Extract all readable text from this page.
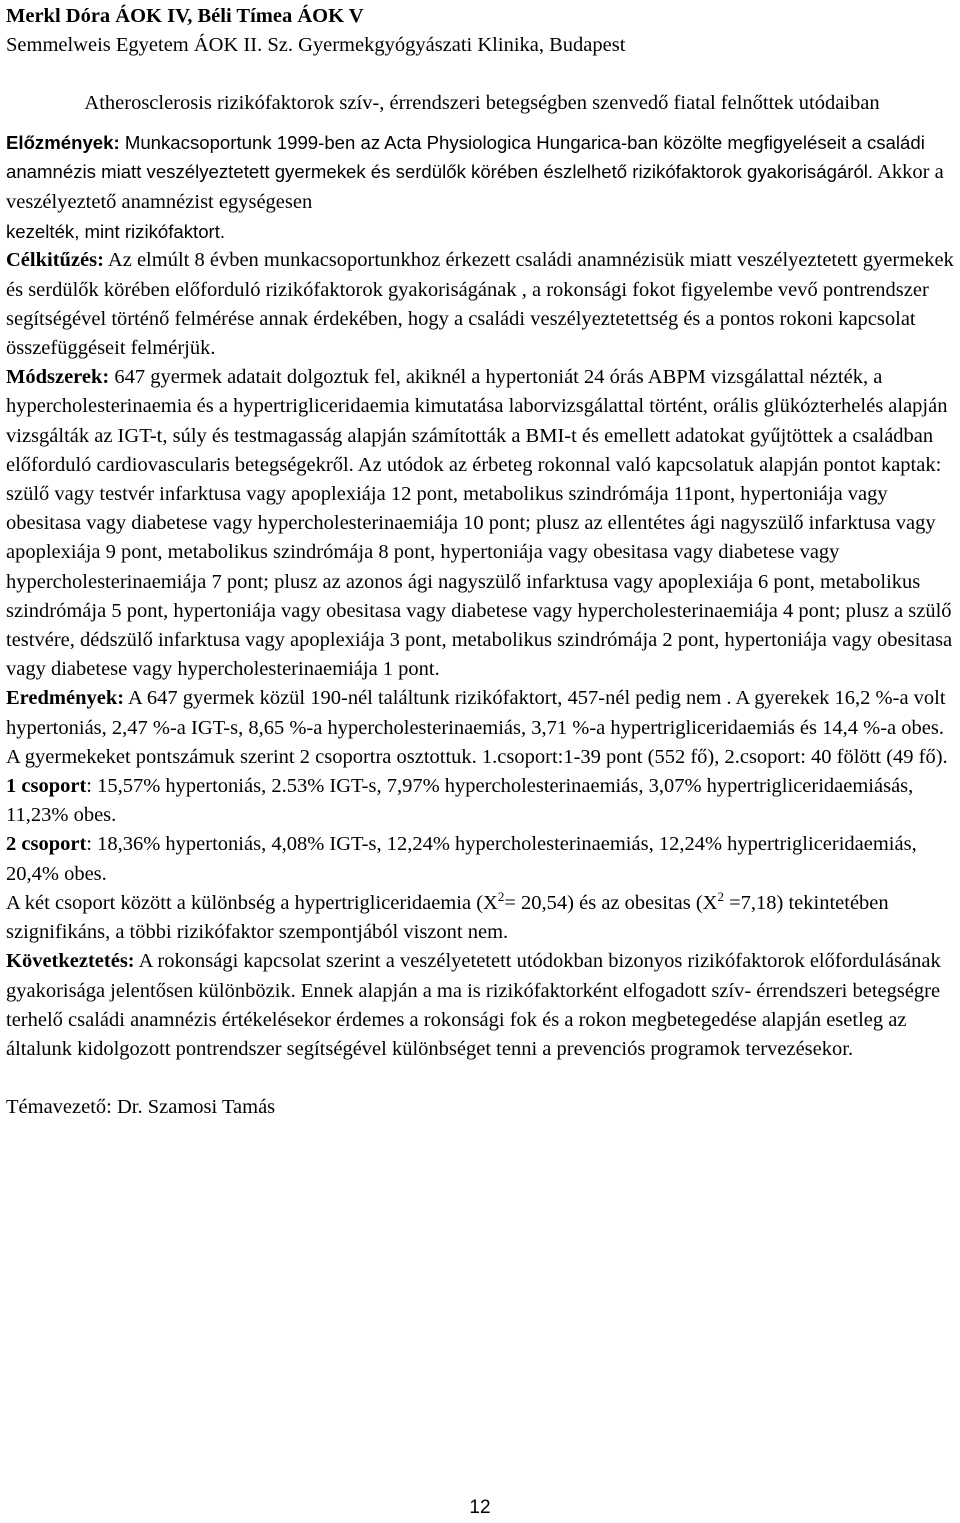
Merkl Dóra ÁOK IV, Béli Tímea ÁOK V

Semmelweis Egyetem ÁOK II. Sz. Gyermekgyógyászati Klinika, Budapest

Atherosclerosis rizikófaktorok szív-, érrendszeri betegségben szenvedő fiatal felnőttek utódaiban

Előzmények: Munkacsoportunk 1999-ben az Acta Physiologica Hungarica-ban közölte megfigyeléseit a családi anamnézis miatt veszélyeztetett gyermekek és serdülők körében észlelhető rizikófaktorok gyakoriságáról. Akkor a veszélyeztető anamnézist egységesen
kezelték, mint rizikófaktort.

Célkitűzés: Az elmúlt 8 évben munkacsoportunkhoz érkezett családi anamnézisük miatt veszélyeztetett gyermekek és serdülők körében előforduló rizikófaktorok gyakoriságának , a rokonsági fokot figyelembe vevő pontrendszer segítségével történő felmérése annak érdekében, hogy a családi veszélyeztetettség és a pontos rokoni kapcsolat összefüggéseit felmérjük.

Módszerek: 647 gyermek adatait dolgoztuk fel, akiknél a hypertoniát 24 órás ABPM vizsgálattal nézték, a hypercholesterinaemia és a hypertrigliceridaemia kimutatása laborvizsgálattal történt, orális glükózterhelés alapján vizsgálták az IGT-t, súly és testmagasság alapján számították a BMI-t és emellett adatokat gyűjtöttek a családban előforduló cardiovascularis betegségekről. Az utódok az érbeteg rokonnal való kapcsolatuk alapján pontot kaptak: szülő vagy testvér infarktusa vagy apoplexiája 12 pont, metabolikus szindrómája 11pont, hypertoniája vagy obesitasa vagy diabetese vagy hypercholesterinaemiája 10 pont; plusz az ellentétes ági nagyszülő infarktusa vagy apoplexiája 9 pont, metabolikus szindrómája 8 pont, hypertoniája vagy obesitasa vagy diabetese vagy hypercholesterinaemiája 7 pont; plusz az azonos ági nagyszülő infarktusa vagy apoplexiája 6 pont, metabolikus szindrómája 5 pont, hypertoniája vagy obesitasa vagy diabetese vagy hypercholesterinaemiája 4 pont; plusz a szülő testvére, dédszülő infarktusa vagy apoplexiája 3 pont, metabolikus szindrómája 2 pont, hypertoniája vagy obesitasa vagy diabetese vagy hypercholesterinaemiája 1 pont.

Eredmények: A 647 gyermek közül 190-nél találtunk rizikófaktort, 457-nél pedig nem . A gyerekek 16,2 %-a volt hypertoniás, 2,47 %-a IGT-s, 8,65 %-a hypercholesterinaemiás, 3,71 %-a hypertrigliceridaemiás és 14,4 %-a obes.

A gyermekeket pontszámuk szerint 2 csoportra osztottuk. 1.csoport:1-39 pont (552 fő), 2.csoport: 40 fölött (49 fő).

1 csoport: 15,57% hypertoniás, 2.53% IGT-s, 7,97% hypercholesterinaemiás, 3,07% hypertrigliceridaemiásás, 11,23% obes.

2 csoport: 18,36% hypertoniás, 4,08% IGT-s, 12,24% hypercholesterinaemiás, 12,24% hypertrigliceridaemiás, 20,4% obes.

A két csoport között a különbség a hypertrigliceridaemia $(X^2= 20,54)$ és az obesitas $(X^2 =7,18)$ tekintetében szignifikáns, a többi rizikófaktor szempontjából viszont nem.

Következtetés: A rokonsági kapcsolat szerint a veszélyetetett utódokban bizonyos rizikófaktorok előfordulásának gyakorisága jelentősen különbözik. Ennek alapján a ma is rizikófaktorként elfogadott szív- érrendszeri betegségre terhelő családi anamnézis értékelésekor érdemes a rokonsági fok és a rokon megbetegedése alapján esetleg az általunk kidolgozott pontrendszer segítségével különbséget tenni a prevenciós programok tervezésekor.

Témavezető: Dr. Szamosi Tamás

12
